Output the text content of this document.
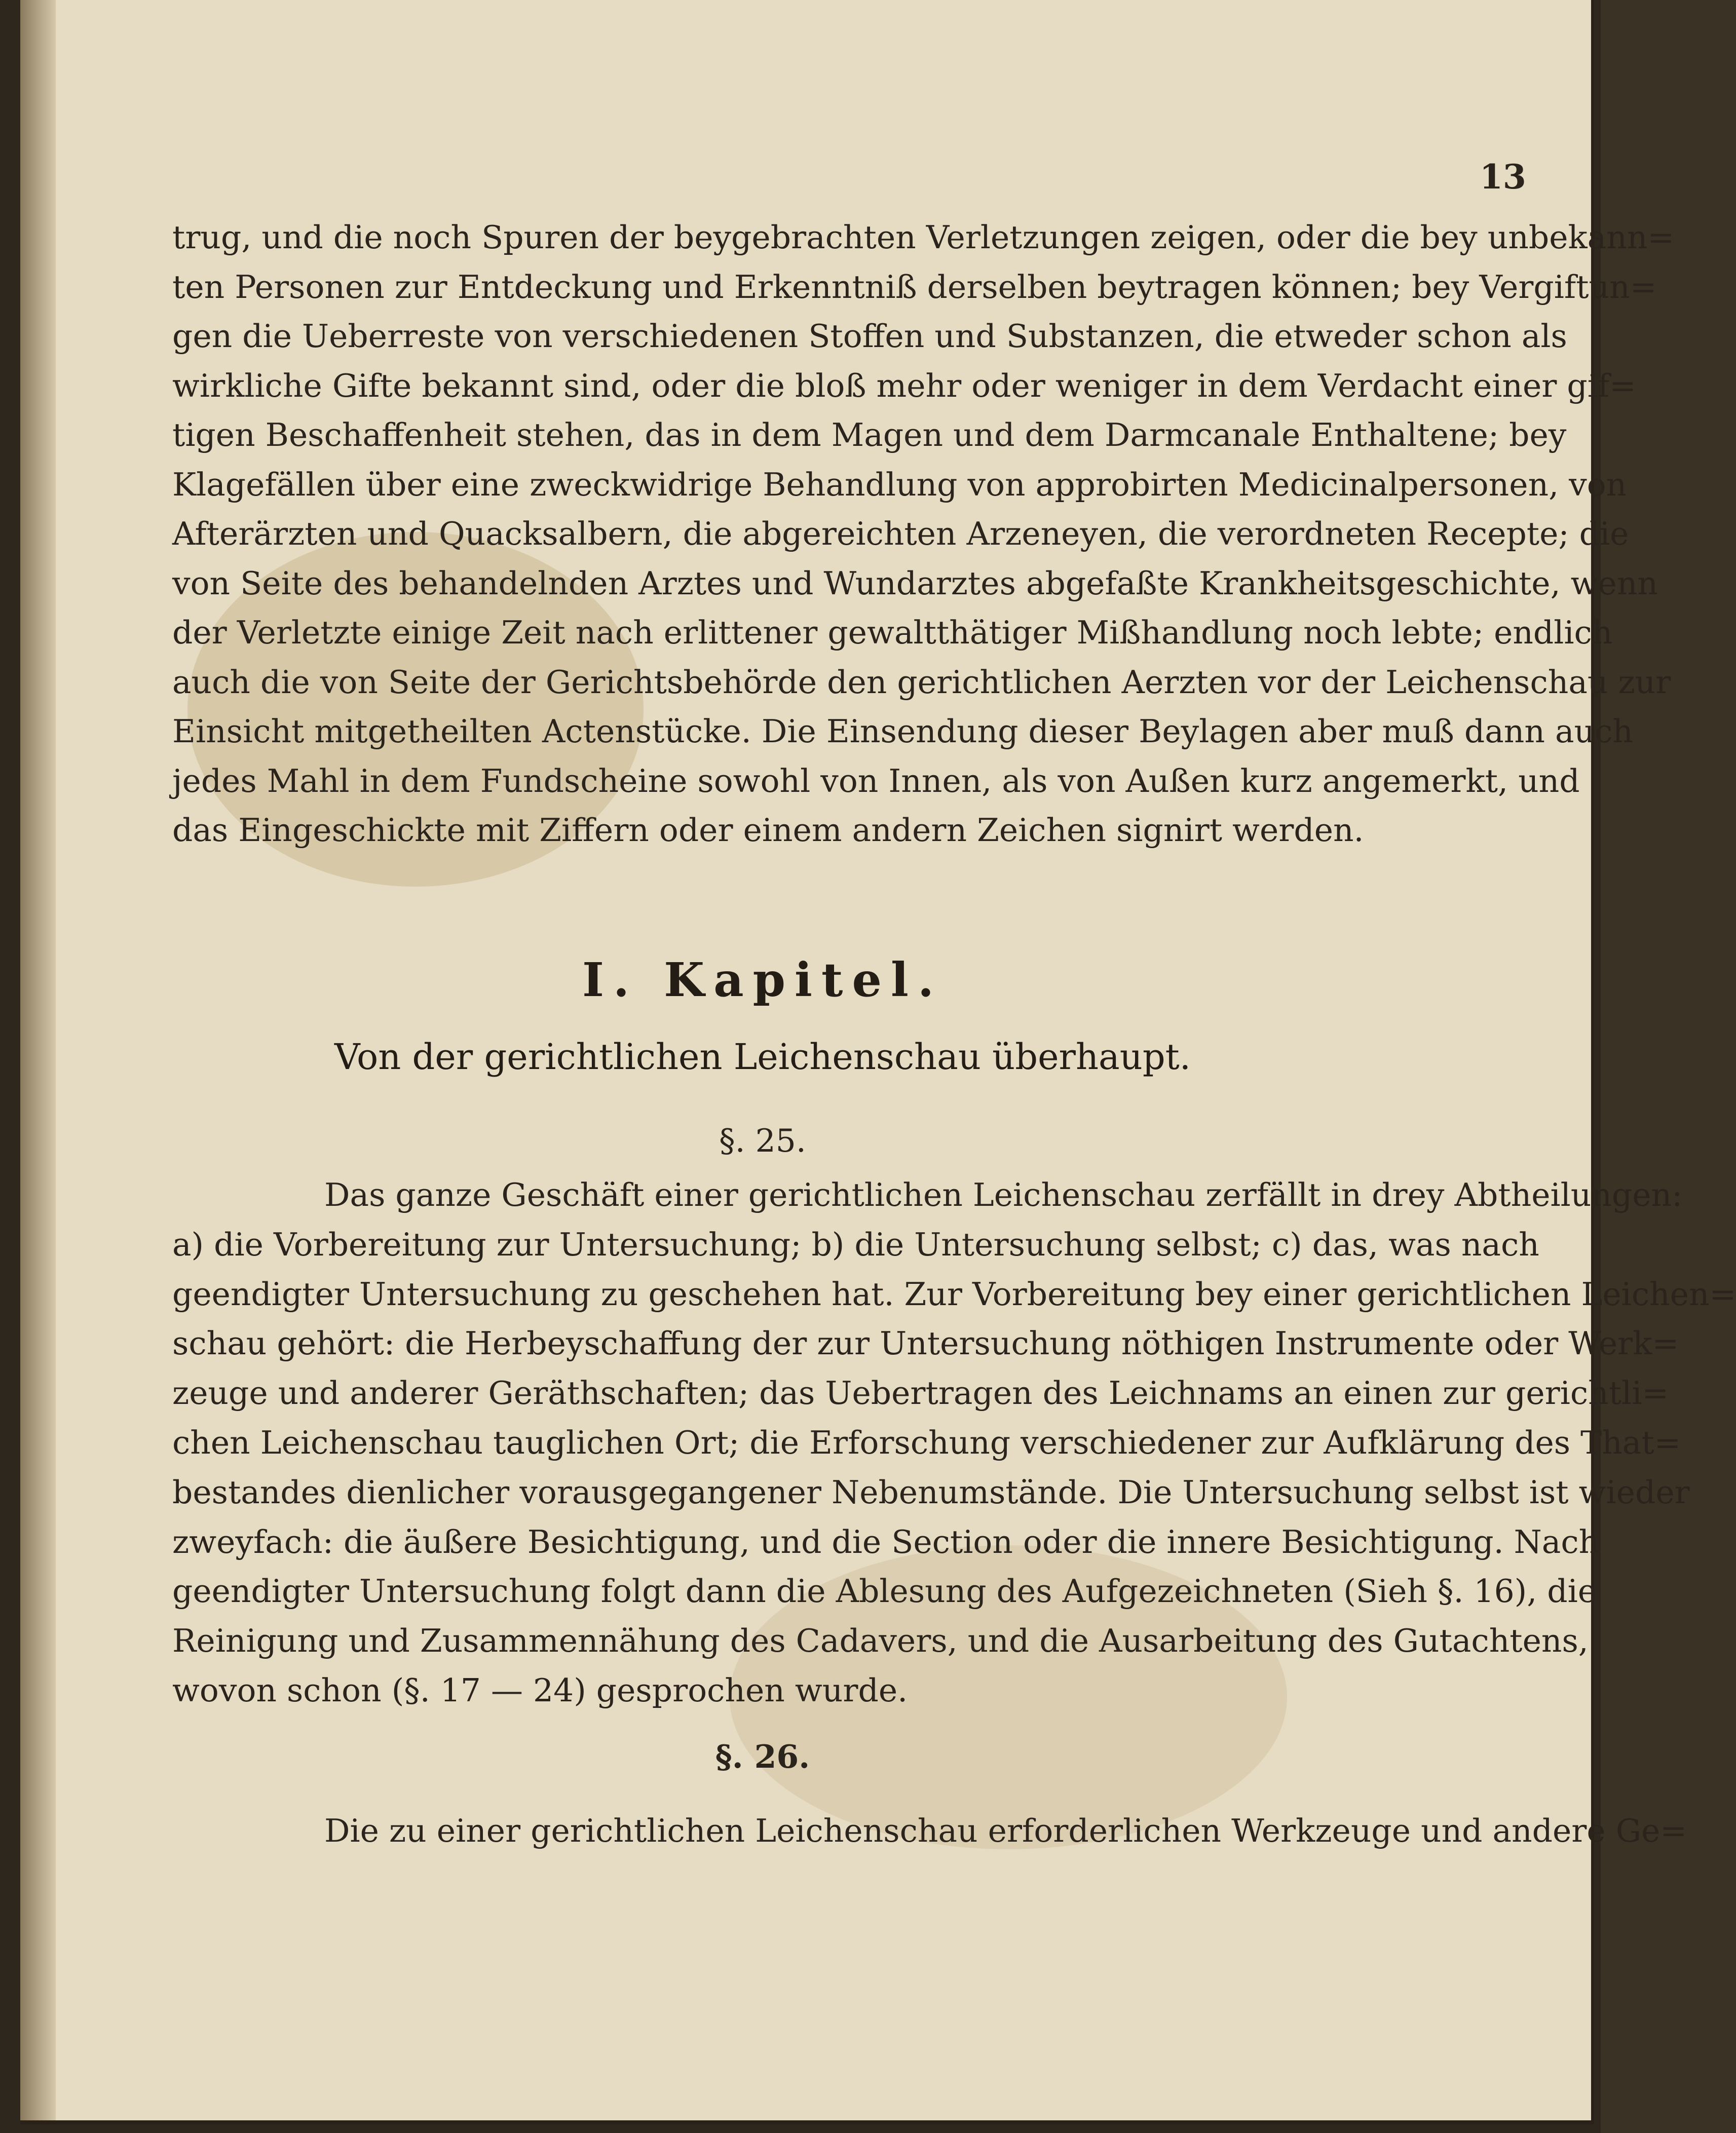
13
trug, und die noch Spuren der beygebrachten Verletzungen zeigen, oder die bey unbekann=
ten Personen zur Entdeckung und Erkenntniß derselben beytragen können; bey Vergiftun=
gen die Ueberreste von verschiedenen Stoffen und Substanzen, die etweder schon als
wirkliche Gifte bekannt sind, oder die bloß mehr oder weniger in dem Verdacht einer gif=
tigen Beschaffenheit stehen, das in dem Magen und dem Darmcanale Enthaltene; bey
Klagefällen über eine zweckwidrige Behandlung von approbirten Medicinalpersonen, von
Afterärzten und Quacksalbern, die abgereichten Arzeneyen, die verordneten Recepte; die
von Seite des behandelnden Arztes und Wundarztes abgefaßte Krankheitsgeschichte, wenn
der Verletzte einige Zeit nach erlittener gewaltthätiger Mißhandlung noch lebte; endlich
auch die von Seite der Gerichtsbehörde den gerichtlichen Aerzten vor der Leichenschau zur
Einsicht mitgetheilten Actenstücke. Die Einsendung dieser Beylagen aber muß dann auch
jedes Mahl in dem Fundscheine sowohl von Innen, als von Außen kurz angemerkt, und
das Eingeschickte mit Ziffern oder einem andern Zeichen signirt werden.
I. Kapitel.
Von der gerichtlichen Leichenschau überhaupt.
§. 25.
Das ganze Geschäft einer gerichtlichen Leichenschau zerfällt in drey Abtheilungen:
a) die Vorbereitung zur Untersuchung; b) die Untersuchung selbst; c) das, was nach
geendigter Untersuchung zu geschehen hat. Zur Vorbereitung bey einer gerichtlichen Leichen=
schau gehört: die Herbeyschaffung der zur Untersuchung nöthigen Instrumente oder Werk=
zeuge und anderer Geräthschaften; das Uebertragen des Leichnams an einen zur gerichtli=
chen Leichenschau tauglichen Ort; die Erforschung verschiedener zur Aufklärung des That=
bestandes dienlicher vorausgegangener Nebenumstände. Die Untersuchung selbst ist wieder
zweyfach: die äußere Besichtigung, und die Section oder die innere Besichtigung. Nach
geendigter Untersuchung folgt dann die Ablesung des Aufgezeichneten (Sieh §. 16), die
Reinigung und Zusammennähung des Cadavers, und die Ausarbeitung des Gutachtens,
wovon schon (§. 17 — 24) gesprochen wurde.
§. 26.
Die zu einer gerichtlichen Leichenschau erforderlichen Werkzeuge und andere Ge=
